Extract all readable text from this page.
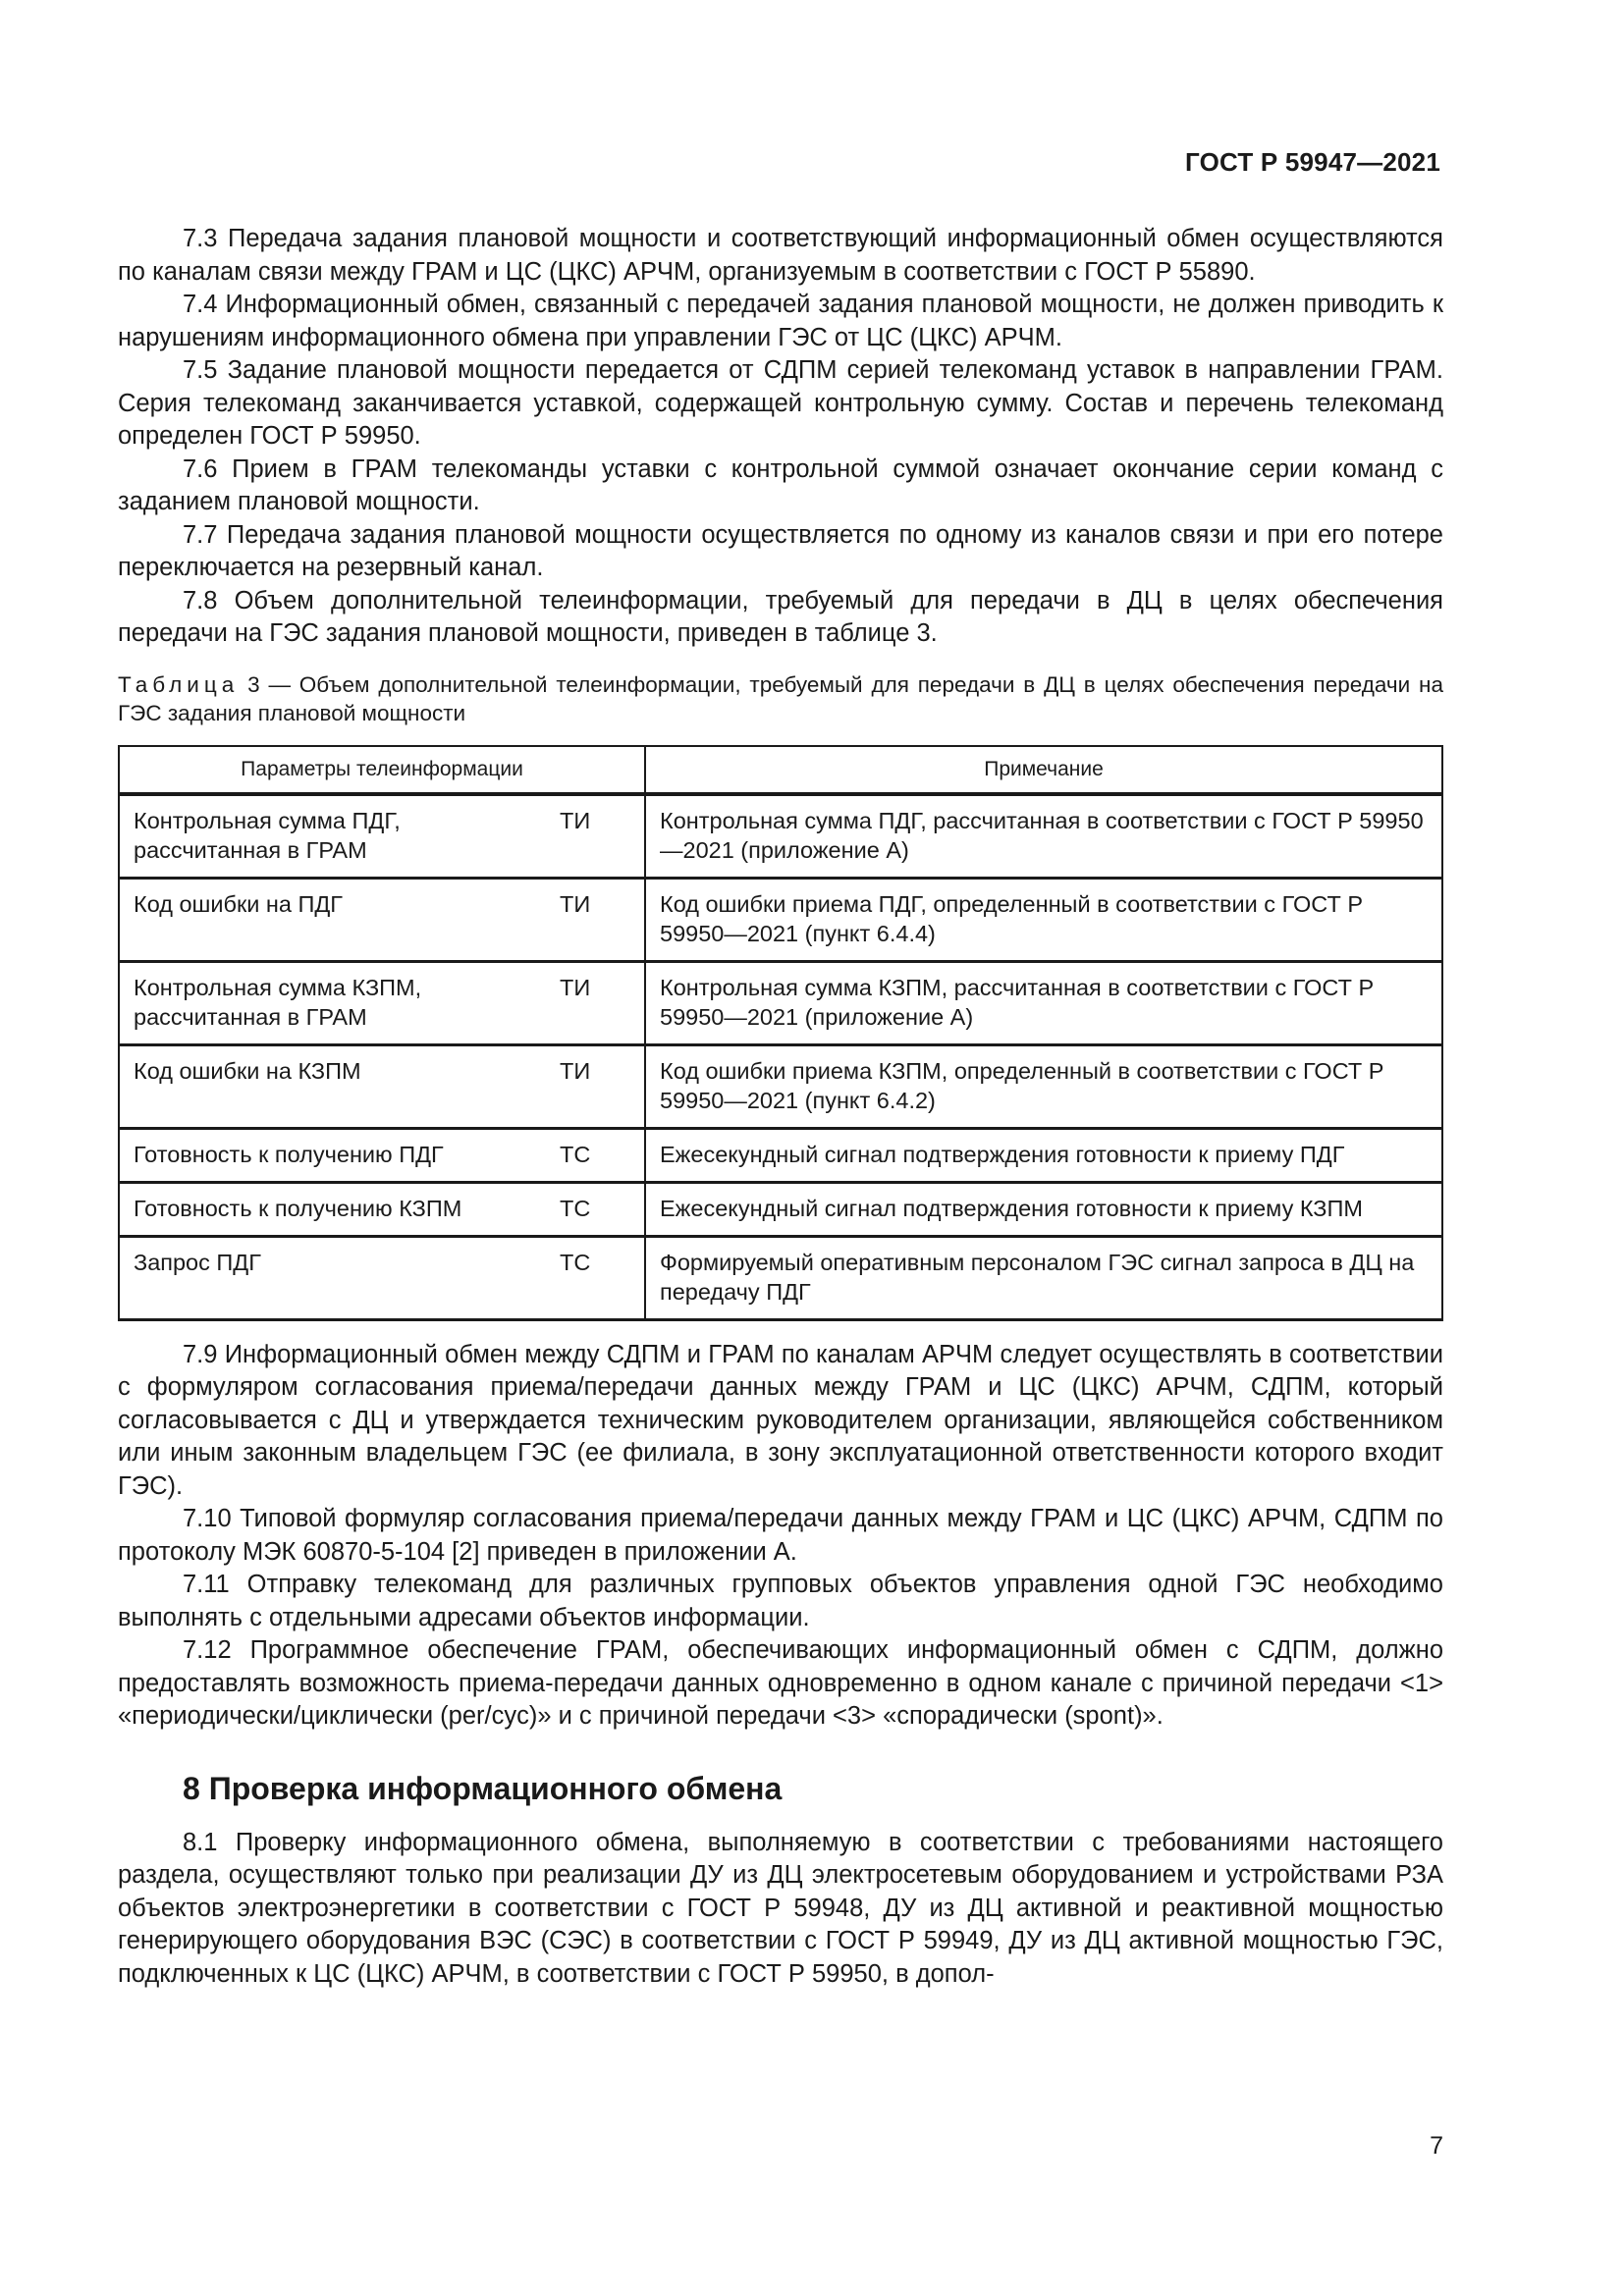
ГОСТ Р 59947—2021

7.3 Передача задания плановой мощности и соответствующий информационный обмен осуществляются по каналам связи между ГРАМ и ЦС (ЦКС) АРЧМ, организуемым в соответствии с ГОСТ Р 55890.

7.4 Информационный обмен, связанный с передачей задания плановой мощности, не должен приводить к нарушениям информационного обмена при управлении ГЭС от ЦС (ЦКС) АРЧМ.

7.5 Задание плановой мощности передается от СДПМ серией телекоманд уставок в направлении ГРАМ. Серия телекоманд заканчивается уставкой, содержащей контрольную сумму. Состав и перечень телекоманд определен ГОСТ Р 59950.

7.6 Прием в ГРАМ телекоманды уставки с контрольной суммой означает окончание серии команд с заданием плановой мощности.

7.7 Передача задания плановой мощности осуществляется по одному из каналов связи и при его потере переключается на резервный канал.

7.8 Объем дополнительной телеинформации, требуемый для передачи в ДЦ в целях обеспечения передачи на ГЭС задания плановой мощности, приведен в таблице 3.

Таблица 3 — Объем дополнительной телеинформации, требуемый для передачи в ДЦ в целях обеспечения передачи на ГЭС задания плановой мощности
Параметры телеинформации		Примечание
Контрольная сумма ПДГ, рассчитанная в ГРАМ	ТИ	Контрольная сумма ПДГ, рассчитанная в соответствии с ГОСТ Р 59950—2021 (приложение А)
Код ошибки на ПДГ	ТИ	Код ошибки приема ПДГ, определенный в соответствии с ГОСТ Р 59950—2021 (пункт 6.4.4)
Контрольная сумма КЗПМ, рассчитанная в ГРАМ	ТИ	Контрольная сумма КЗПМ, рассчитанная в соответствии с ГОСТ Р 59950—2021 (приложение А)
Код ошибки на КЗПМ	ТИ	Код ошибки приема КЗПМ, определенный в соответствии с ГОСТ Р 59950—2021 (пункт 6.4.2)
Готовность к получению ПДГ	ТС	Ежесекундный сигнал подтверждения готовности к приему ПДГ
Готовность к получению КЗПМ	ТС	Ежесекундный сигнал подтверждения готовности к приему КЗПМ
Запрос ПДГ	ТС	Формируемый оперативным персоналом ГЭС сигнал запроса в ДЦ на передачу ПДГ

7.9 Информационный обмен между СДПМ и ГРАМ по каналам АРЧМ следует осуществлять в соответствии с формуляром согласования приема/передачи данных между ГРАМ и ЦС (ЦКС) АРЧМ, СДПМ, который согласовывается с ДЦ и утверждается техническим руководителем организации, являющейся собственником или иным законным владельцем ГЭС (ее филиала, в зону эксплуатационной ответственности которого входит ГЭС).

7.10 Типовой формуляр согласования приема/передачи данных между ГРАМ и ЦС (ЦКС) АРЧМ, СДПМ по протоколу МЭК 60870-5-104 [2] приведен в приложении А.

7.11 Отправку телекоманд для различных групповых объектов управления одной ГЭС необходимо выполнять с отдельными адресами объектов информации.

7.12 Программное обеспечение ГРАМ, обеспечивающих информационный обмен с СДПМ, должно предоставлять возможность приема-передачи данных одновременно в одном канале с причиной передачи <1> «периодически/циклически (per/cyc)» и с причиной передачи <3> «спорадически (spont)».

8 Проверка информационного обмена

8.1 Проверку информационного обмена, выполняемую в соответствии с требованиями настоящего раздела, осуществляют только при реализации ДУ из ДЦ электросетевым оборудованием и устройствами РЗА объектов электроэнергетики в соответствии с ГОСТ Р 59948, ДУ из ДЦ активной и реактивной мощностью генерирующего оборудования ВЭС (СЭС) в соответствии с ГОСТ Р 59949, ДУ из ДЦ активной мощностью ГЭС, подключенных к ЦС (ЦКС) АРЧМ, в соответствии с ГОСТ Р 59950, в допол-

7
